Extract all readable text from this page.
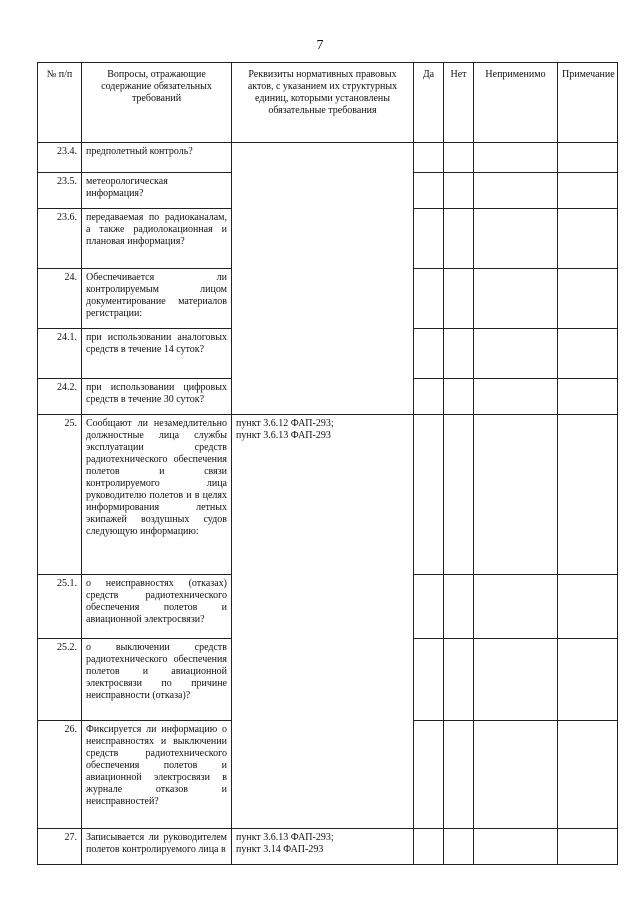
7
№ п/п	Вопросы, отражающие содержание обязательных требований	Реквизиты нормативных правовых актов, с указанием их структурных единиц, которыми установлены обязательные требования	Да	Нет	Неприменимо	Примечание
23.4.	предполетный контроль?					
23.5.	метеорологическая информация?					
23.6.	передаваемая по радиоканалам, а также радиолокационная и плановая информация?					
24.	Обеспечивается ли контролируемым лицом документирование материалов регистрации:					
24.1.	при использовании аналоговых средств в течение 14 суток?					
24.2.	при использовании цифровых средств в течение 30 суток?					
25.	Сообщают ли незамедлительно должностные лица службы эксплуатации средств радиотехнического обеспечения полетов и связи контролируемого лица руководителю полетов и в целях информирования летных экипажей воздушных судов следующую информацию:	пункт 3.6.12 ФАП-293;
пункт 3.6.13 ФАП-293				

25.1.	о неисправностях (отказах) средств радиотехнического обеспечения полетов и авиационной электросвязи?					
25.2.	о выключении средств радиотехнического обеспечения полетов и авиационной электросвязи по причине неисправности (отказа)?					
26.	Фиксируется ли информацию о неисправностях и выключении средств радиотехнического обеспечения полетов и авиационной электросвязи в журнале отказов и неисправностей?					
27.	Записывается ли руководителем полетов контролируемого лица в	пункт 3.6.13 ФАП-293;
пункт 3.14 ФАП-293				
